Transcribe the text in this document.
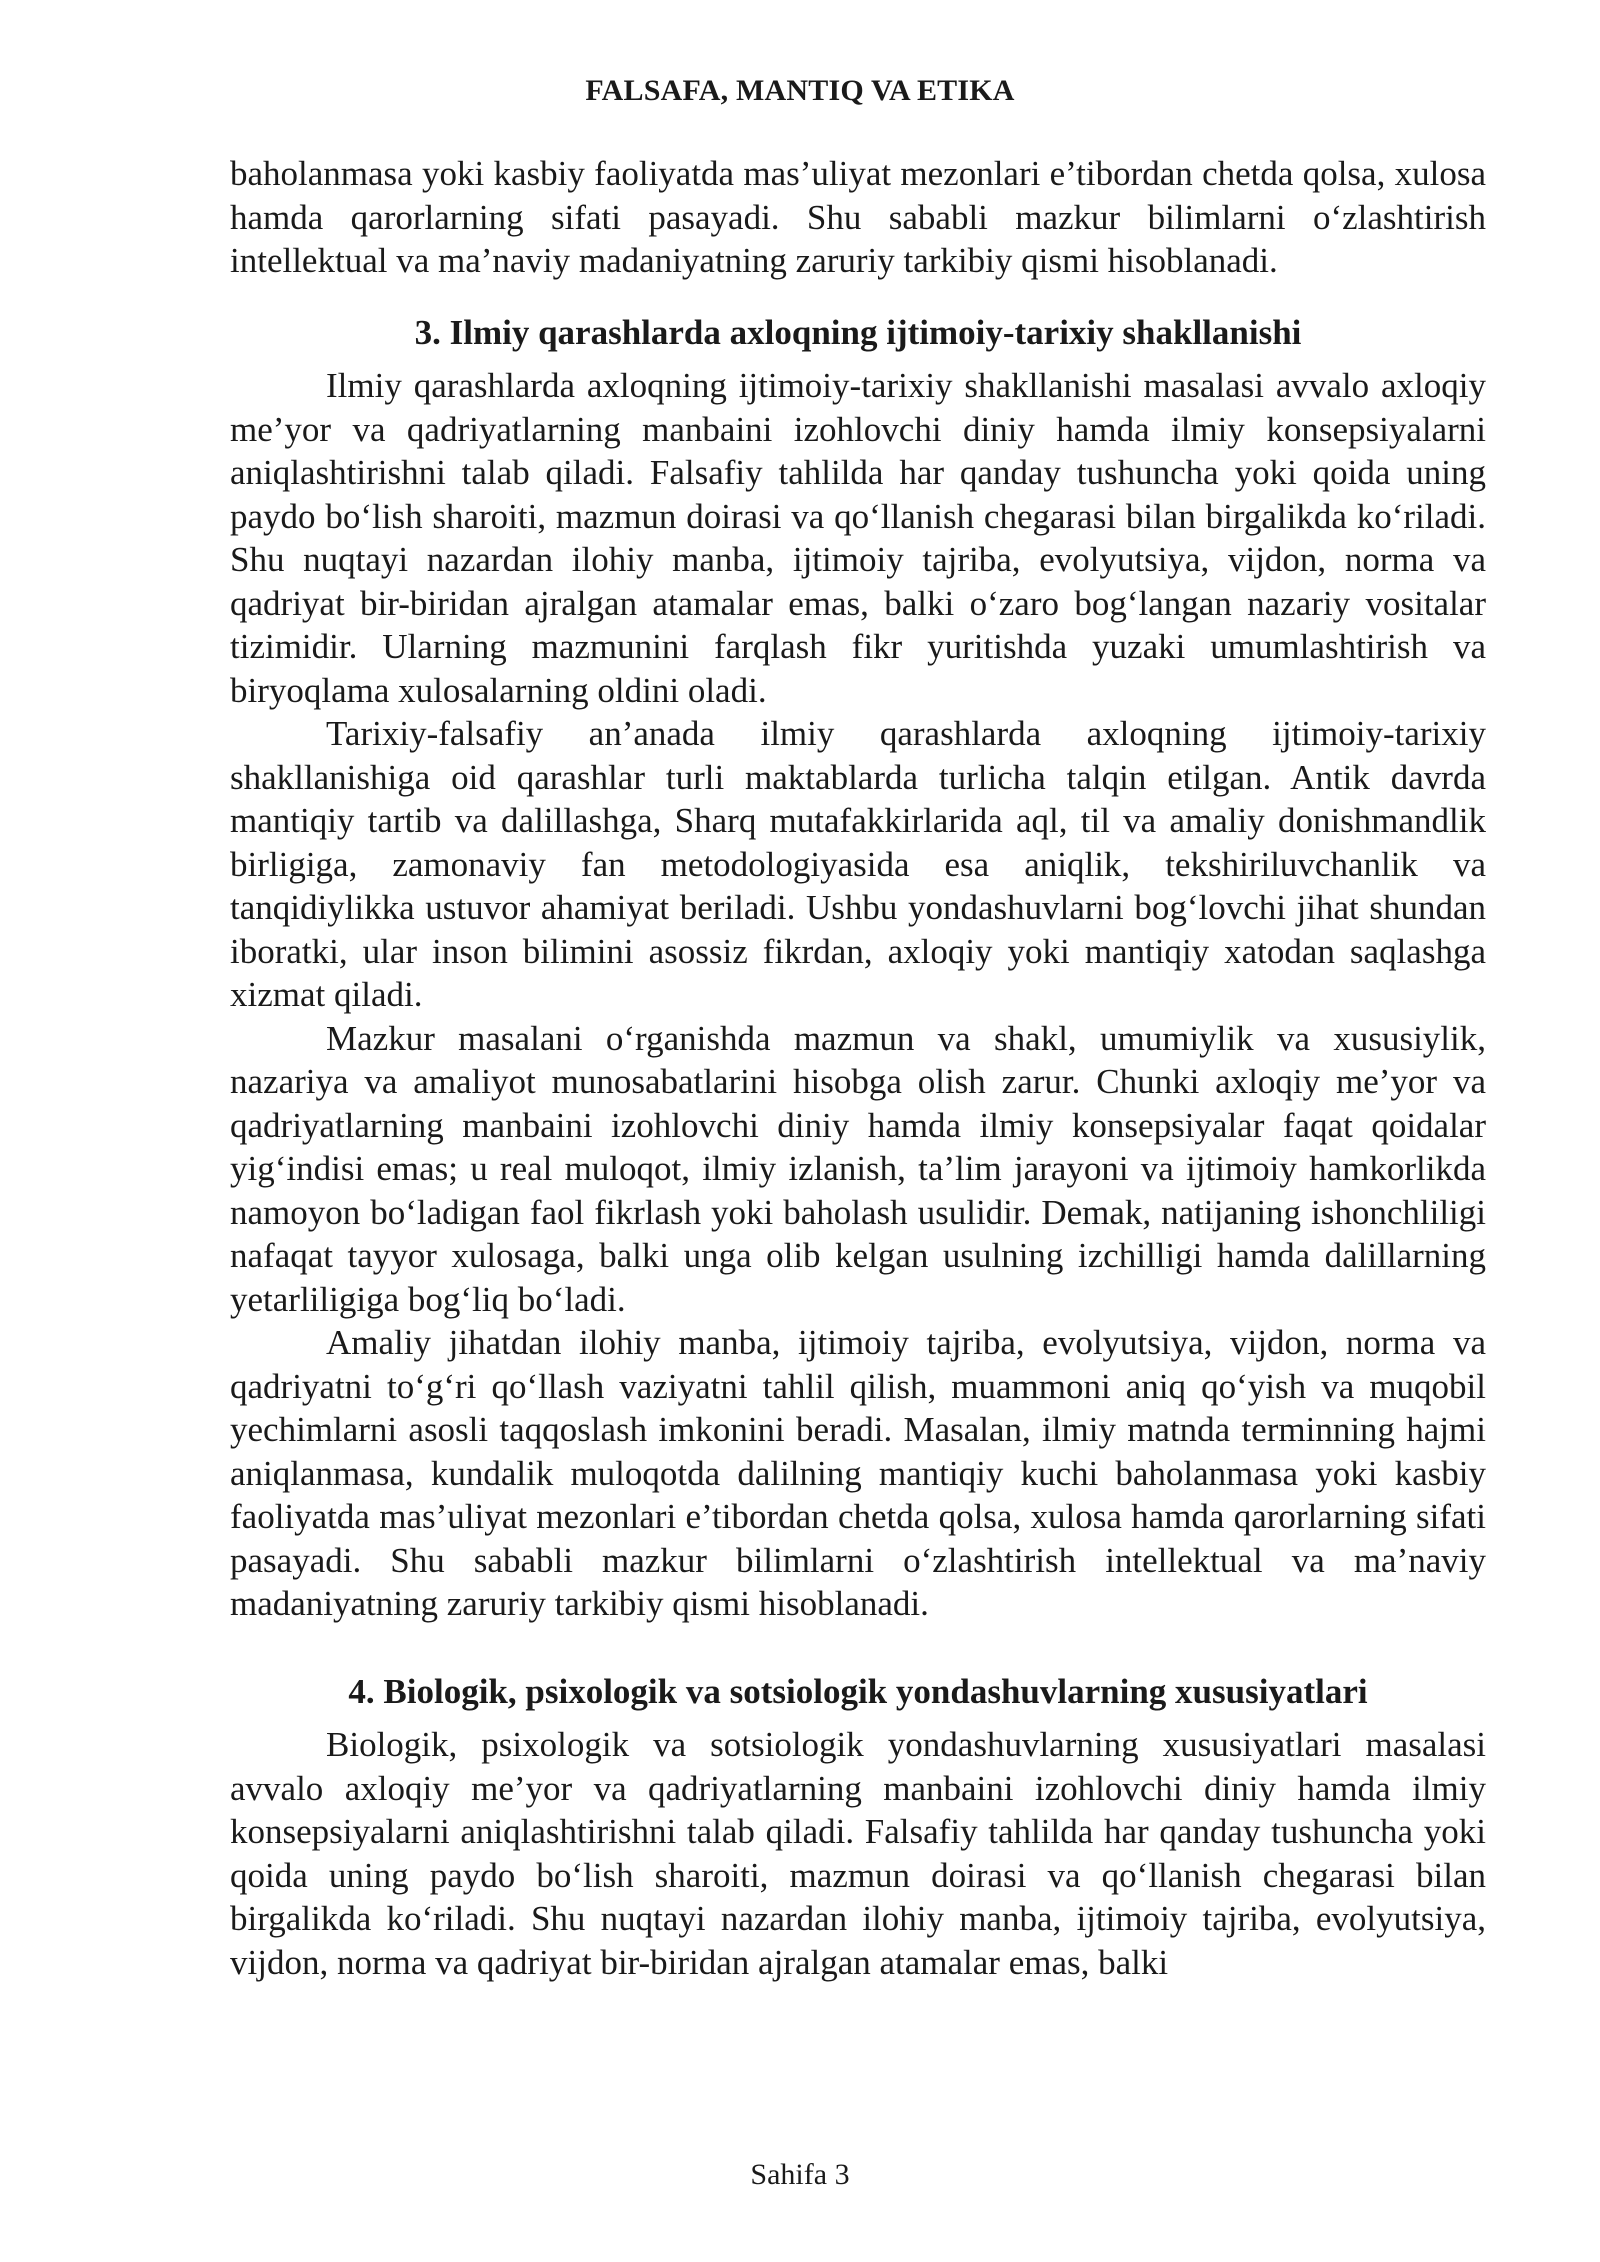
FALSAFA, MANTIQ VA ETIKA

baholanmasa yoki kasbiy faoliyatda mas’uliyat mezonlari e’tibordan chetda qolsa, xulosa hamda qarorlarning sifati pasayadi. Shu sababli mazkur bilimlarni o‘zlashtirish intellektual va ma’naviy madaniyatning zaruriy tarkibiy qismi hisoblanadi.

3. Ilmiy qarashlarda axloqning ijtimoiy-tarixiy shakllanishi

Ilmiy qarashlarda axloqning ijtimoiy-tarixiy shakllanishi masalasi avvalo axloqiy me’yor va qadriyatlarning manbaini izohlovchi diniy hamda ilmiy konsepsiyalarni aniqlashtirishni talab qiladi. Falsafiy tahlilda har qanday tushuncha yoki qoida uning paydo bo‘lish sharoiti, mazmun doirasi va qo‘llanish chegarasi bilan birgalikda ko‘riladi. Shu nuqtayi nazardan ilohiy manba, ijtimoiy tajriba, evolyutsiya, vijdon, norma va qadriyat bir-biridan ajralgan atamalar emas, balki o‘zaro bog‘langan nazariy vositalar tizimidir. Ularning mazmunini farqlash fikr yuritishda yuzaki umumlashtirish va biryoqlama xulosalarning oldini oladi.

Tarixiy-falsafiy an’anada ilmiy qarashlarda axloqning ijtimoiy-tarixiy shakllanishiga oid qarashlar turli maktablarda turlicha talqin etilgan. Antik davrda mantiqiy tartib va dalillashga, Sharq mutafakkirlarida aql, til va amaliy donishmandlik birligiga, zamonaviy fan metodologiyasida esa aniqlik, tekshiriluvchanlik va tanqidiylikka ustuvor ahamiyat beriladi. Ushbu yondashuvlarni bog‘lovchi jihat shundan iboratki, ular inson bilimini asossiz fikrdan, axloqiy yoki mantiqiy xatodan saqlashga xizmat qiladi.

Mazkur masalani o‘rganishda mazmun va shakl, umumiylik va xususiylik, nazariya va amaliyot munosabatlarini hisobga olish zarur. Chunki axloqiy me’yor va qadriyatlarning manbaini izohlovchi diniy hamda ilmiy konsepsiyalar faqat qoidalar yig‘indisi emas; u real muloqot, ilmiy izlanish, ta’lim jarayoni va ijtimoiy hamkorlikda namoyon bo‘ladigan faol fikrlash yoki baholash usulidir. Demak, natijaning ishonchliligi nafaqat tayyor xulosaga, balki unga olib kelgan usulning izchilligi hamda dalillarning yetarliligiga bog‘liq bo‘ladi.

Amaliy jihatdan ilohiy manba, ijtimoiy tajriba, evolyutsiya, vijdon, norma va qadriyatni to‘g‘ri qo‘llash vaziyatni tahlil qilish, muammoni aniq qo‘yish va muqobil yechimlarni asosli taqqoslash imkonini beradi. Masalan, ilmiy matnda terminning hajmi aniqlanmasa, kundalik muloqotda dalilning mantiqiy kuchi baholanmasa yoki kasbiy faoliyatda mas’uliyat mezonlari e’tibordan chetda qolsa, xulosa hamda qarorlarning sifati pasayadi. Shu sababli mazkur bilimlarni o‘zlashtirish intellektual va ma’naviy madaniyatning zaruriy tarkibiy qismi hisoblanadi.

4. Biologik, psixologik va sotsiologik yondashuvlarning xususiyatlari

Biologik, psixologik va sotsiologik yondashuvlarning xususiyatlari masalasi avvalo axloqiy me’yor va qadriyatlarning manbaini izohlovchi diniy hamda ilmiy konsepsiyalarni aniqlashtirishni talab qiladi. Falsafiy tahlilda har qanday tushuncha yoki qoida uning paydo bo‘lish sharoiti, mazmun doirasi va qo‘llanish chegarasi bilan birgalikda ko‘riladi. Shu nuqtayi nazardan ilohiy manba, ijtimoiy tajriba, evolyutsiya, vijdon, norma va qadriyat bir-biridan ajralgan atamalar emas, balki

Sahifa 3
